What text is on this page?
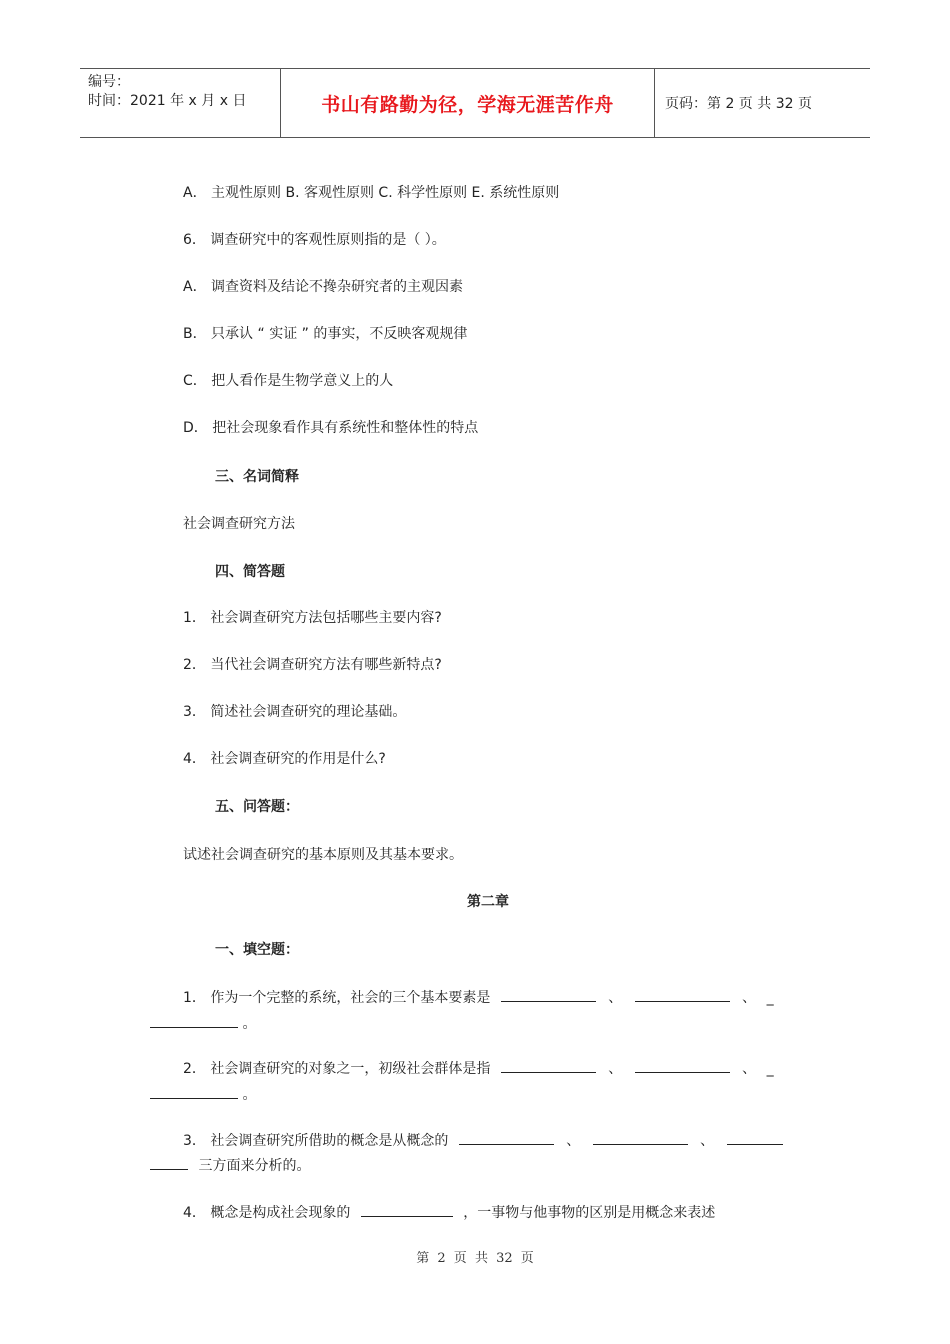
编号：
时间：2021 年 x 月 x 日	书山有路勤为径，学海无涯苦作舟	页码：第 2 页 共 32 页
A． 主观性原则 B. 客观性原则 C. 科学性原则 E. 系统性原则
6． 调查研究中的客观性原则指的是（ ）。
A． 调查资料及结论不搀杂研究者的主观因素
B． 只承认 “ 实证 ” 的事实，不反映客观规律
C． 把人看作是生物学意义上的人
D． 把社会现象看作具有系统性和整体性的特点
三、名词简释
社会调查研究方法
四、简答题
1． 社会调查研究方法包括哪些主要内容?
2． 当代社会调查研究方法有哪些新特点?
3． 简述社会调查研究的理论基础。
4． 社会调查研究的作用是什么?
五、问答题：
试述社会调查研究的基本原则及其基本要求。
第二章
一、填空题：
1． 作为一个完整的系统，社会的三个基本要素是	、	、 _
。
2． 社会调查研究的对象之一，初级社会群体是指	、	、 _
。
3． 社会调查研究所借助的概念是从概念的	、	、
三方面来分析的。
4． 概念是构成社会现象的	，一事物与他事物的区别是用概念来表述
第 2 页 共 32 页
